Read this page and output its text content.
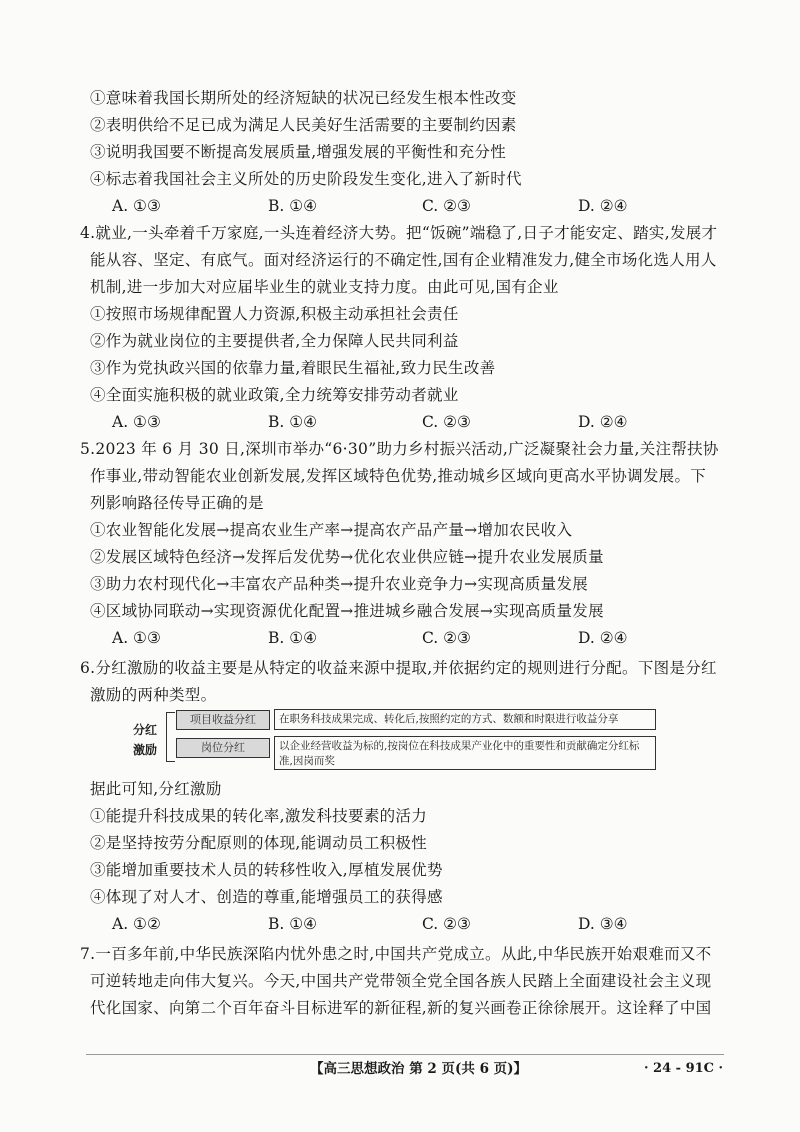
①意味着我国长期所处的经济短缺的状况已经发生根本性改变
②表明供给不足已成为满足人民美好生活需要的主要制约因素
③说明我国要不断提高发展质量,增强发展的平衡性和充分性
④标志着我国社会主义所处的历史阶段发生变化,进入了新时代
A. ①③	B. ①④	C. ②③	D. ②④
4.就业,一头牵着千万家庭,一头连着经济大势。把“饭碗”端稳了,日子才能安定、踏实,发展才
能从容、坚定、有底气。面对经济运行的不确定性,国有企业精准发力,健全市场化选人用人
机制,进一步加大对应届毕业生的就业支持力度。由此可见,国有企业
①按照市场规律配置人力资源,积极主动承担社会责任
②作为就业岗位的主要提供者,全力保障人民共同利益
③作为党执政兴国的依靠力量,着眼民生福祉,致力民生改善
④全面实施积极的就业政策,全力统筹安排劳动者就业
A. ①③	B. ①④	C. ②③	D. ②④
5.2023 年 6 月 30 日,深圳市举办“6·30”助力乡村振兴活动,广泛凝聚社会力量,关注帮扶协
作事业,带动智能农业创新发展,发挥区域特色优势,推动城乡区域向更高水平协调发展。下
列影响路径传导正确的是
①农业智能化发展→提高农业生产率→提高农产品产量→增加农民收入
②发展区域特色经济→发挥后发优势→优化农业供应链→提升农业发展质量
③助力农村现代化→丰富农产品种类→提升农业竞争力→实现高质量发展
④区域协同联动→实现资源优化配置→推进城乡融合发展→实现高质量发展
A. ①③	B. ①④	C. ②③	D. ②④
6.分红激励的收益主要是从特定的收益来源中提取,并依据约定的规则进行分配。下图是分红
激励的两种类型。
分红
激励
项目收益分红	在职务科技成果完成、转化后,按照约定的方式、数额和时限进行收益分享
岗位分红	以企业经营收益为标的,按岗位在科技成果产业化中的重要性和贡献确定分红标准,因岗而奖
据此可知,分红激励
①能提升科技成果的转化率,激发科技要素的活力
②是坚持按劳分配原则的体现,能调动员工积极性
③能增加重要技术人员的转移性收入,厚植发展优势
④体现了对人才、创造的尊重,能增强员工的获得感
A. ①②	B. ①④	C. ②③	D. ③④
7.一百多年前,中华民族深陷内忧外患之时,中国共产党成立。从此,中华民族开始艰难而又不
可逆转地走向伟大复兴。今天,中国共产党带领全党全国各族人民踏上全面建设社会主义现
代化国家、向第二个百年奋斗目标进军的新征程,新的复兴画卷正徐徐展开。这诠释了中国
【高三思想政治 第 2 页(共 6 页)】	· 24 - 91C ·
